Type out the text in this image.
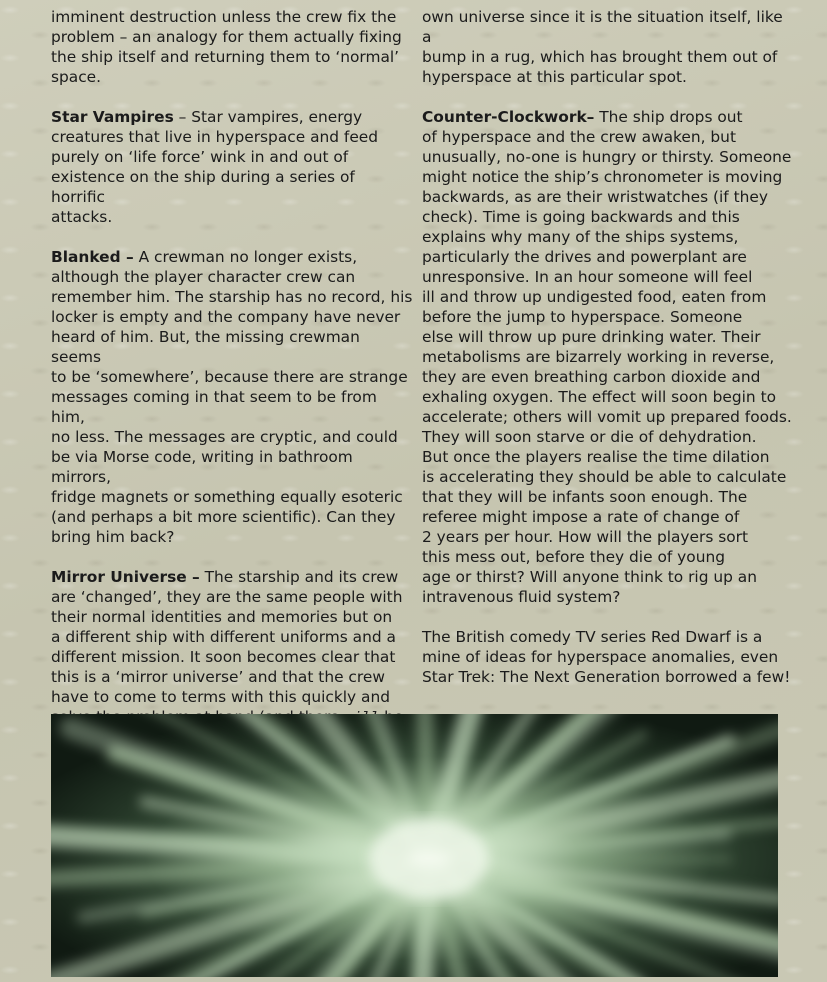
imminent destruction unless the crew fix the
problem – an analogy for them actually fixing
the ship itself and returning them to ‘normal’
space.

Star Vampires – Star vampires, energy
creatures that live in hyperspace and feed
purely on ‘life force’ wink in and out of
existence on the ship during a series of horrific
attacks.

Blanked – A crewman no longer exists,
although the player character crew can
remember him. The starship has no record, his
locker is empty and the company have never
heard of him. But, the missing crewman seems
to be ‘somewhere’, because there are strange
messages coming in that seem to be from him,
no less. The messages are cryptic, and could
be via Morse code, writing in bathroom mirrors,
fridge magnets or something equally esoteric
(and perhaps a bit more scientific). Can they
bring him back?

Mirror Universe – The starship and its crew
are ‘changed’, they are the same people with
their normal identities and memories but on
a different ship with different uniforms and a
different mission. It soon becomes clear that
this is a ‘mirror universe’ and that the crew
have to come to terms with this quickly and

own universe since it is the situation itself, like a
bump in a rug, which has brought them out of
hyperspace at this particular spot.

Counter-Clockwork– The ship drops out
of hyperspace and the crew awaken, but
unusually, no-one is hungry or thirsty. Someone
might notice the ship’s chronometer is moving
backwards, as are their wristwatches (if they
check). Time is going backwards and this
explains why many of the ships systems,
particularly the drives and powerplant are
unresponsive. In an hour someone will feel
ill and throw up undigested food, eaten from
before the jump to hyperspace. Someone
else will throw up pure drinking water. Their
metabolisms are bizarrely working in reverse,
they are even breathing carbon dioxide and
exhaling oxygen. The effect will soon begin to
accelerate; others will vomit up prepared foods.
They will soon starve or die of dehydration.
But once the players realise the time dilation
is accelerating they should be able to calculate
that they will be infants soon enough. The
referee might impose a rate of change of
2 years per hour. How will the players sort
this mess out, before they die of young
age or thirst? Will anyone think to rig up an
intravenous fluid system?

The British comedy TV series Red Dwarf is a
mine of ideas for hyperspace anomalies, even
Star Trek: The Next Generation borrowed a few!
